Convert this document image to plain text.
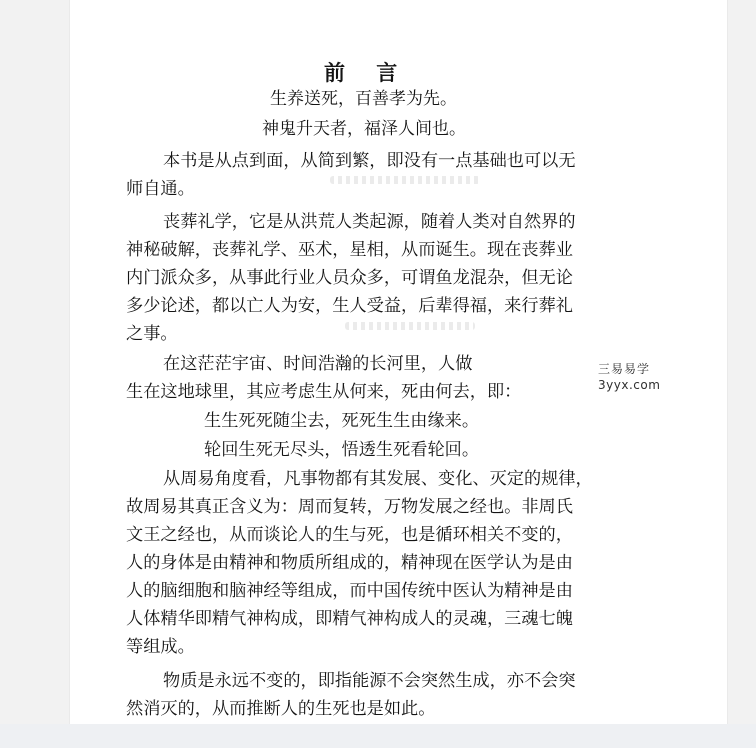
前 言
生养送死，百善孝为先。
神鬼升天者，福泽人间也。
本书是从点到面，从简到繁，即没有一点基础也可以无
师自通。
丧葬礼学，它是从洪荒人类起源，随着人类对自然界的
神秘破解，丧葬礼学、巫术，星相，从而诞生。现在丧葬业
内门派众多，从事此行业人员众多，可谓鱼龙混杂，但无论
多少论述，都以亡人为安，生人受益，后辈得福，来行葬礼
之事。
在这茫茫宇宙、时间浩瀚的长河里，人做
生在这地球里，其应考虑生从何来，死由何去，即：
生生死死随尘去，死死生生由缘来。
轮回生死无尽头，悟透生死看轮回。
从周易角度看，凡事物都有其发展、变化、灭定的规律，
故周易其真正含义为：周而复转，万物发展之经也。非周氏
文王之经也，从而谈论人的生与死，也是循环相关不变的，
人的身体是由精神和物质所组成的，精神现在医学认为是由
人的脑细胞和脑神经等组成，而中国传统中医认为精神是由
人体精华即精气神构成，即精气神构成人的灵魂，三魂七魄
等组成。
物质是永远不变的，即指能源不会突然生成，亦不会突
然消灭的，从而推断人的生死也是如此。
三易易学
3yyx.com
